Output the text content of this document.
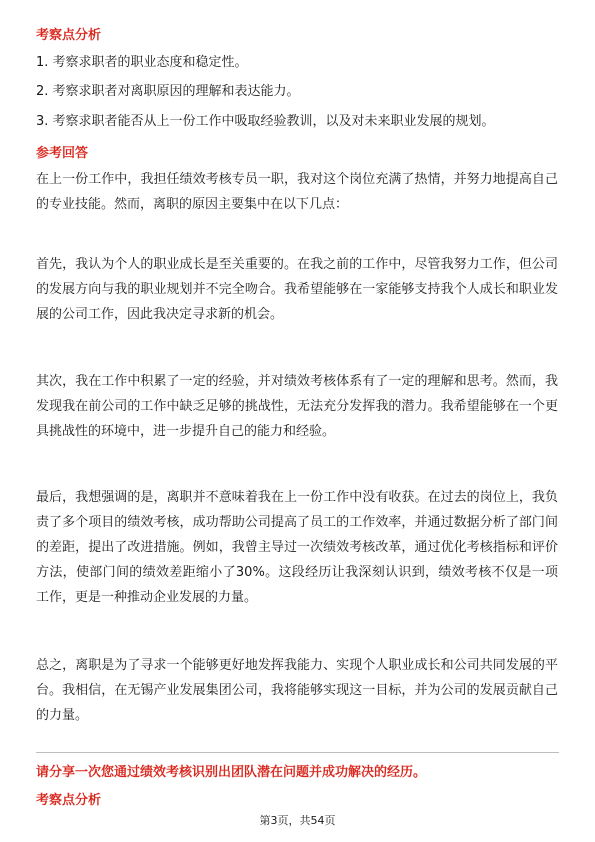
考察点分析

1. 考察求职者的职业态度和稳定性。

2. 考察求职者对离职原因的理解和表达能力。

3. 考察求职者能否从上一份工作中吸取经验教训，以及对未来职业发展的规划。

参考回答

在上一份工作中，我担任绩效考核专员一职，我对这个岗位充满了热情，并努力地提高自己的专业技能。然而，离职的原因主要集中在以下几点：

首先，我认为个人的职业成长是至关重要的。在我之前的工作中，尽管我努力工作，但公司的发展方向与我的职业规划并不完全吻合。我希望能够在一家能够支持我个人成长和职业发展的公司工作，因此我决定寻求新的机会。

其次，我在工作中积累了一定的经验，并对绩效考核体系有了一定的理解和思考。然而，我发现我在前公司的工作中缺乏足够的挑战性，无法充分发挥我的潜力。我希望能够在一个更具挑战性的环境中，进一步提升自己的能力和经验。

最后，我想强调的是，离职并不意味着我在上一份工作中没有收获。在过去的岗位上，我负责了多个项目的绩效考核，成功帮助公司提高了员工的工作效率，并通过数据分析了部门间的差距，提出了改进措施。例如，我曾主导过一次绩效考核改革，通过优化考核指标和评价方法，使部门间的绩效差距缩小了30%。这段经历让我深刻认识到，绩效考核不仅是一项工作，更是一种推动企业发展的力量。

总之，离职是为了寻求一个能够更好地发挥我能力、实现个人职业成长和公司共同发展的平台。我相信，在无锡产业发展集团公司，我将能够实现这一目标，并为公司的发展贡献自己的力量。

请分享一次您通过绩效考核识别出团队潜在问题并成功解决的经历。

考察点分析

第3页，共54页
